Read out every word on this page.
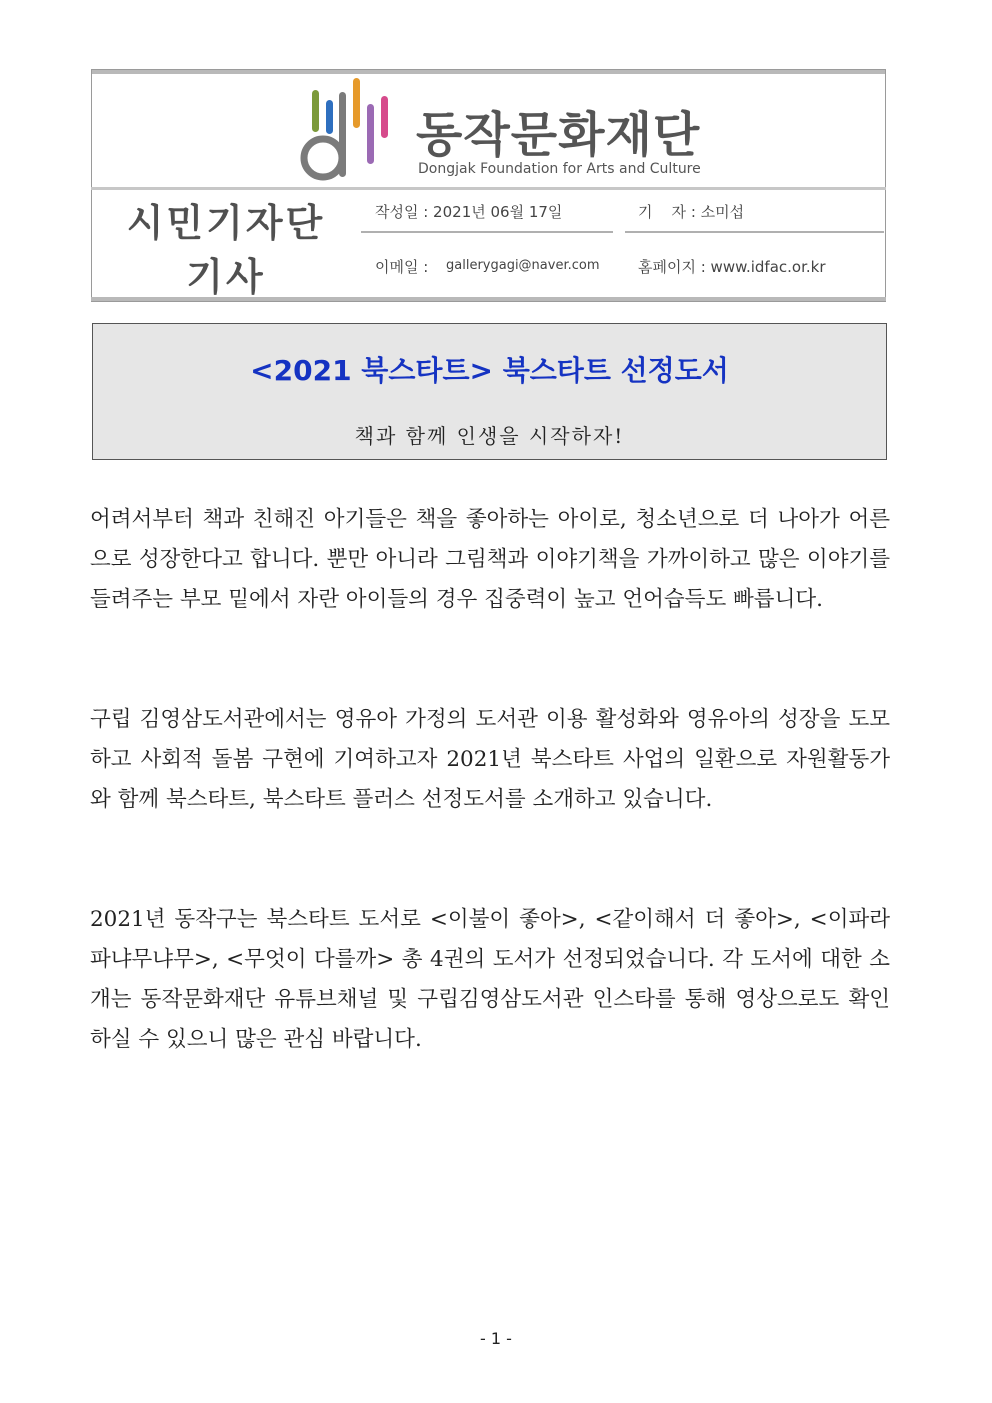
동작문화재단
Dongjak Foundation for Arts and Culture
시민기자단
기사
작성일 : 2021년 06월 17일	기    자 : 소미섭
이메일 : gallerygagi@naver.com	홈페이지 : www.idfac.or.kr
<2021 북스타트> 북스타트 선정도서
책과 함께 인생을 시작하자!
어려서부터 책과 친해진 아기들은 책을 좋아하는 아이로, 청소년으로 더 나아가 어른으로 성장한다고 합니다. 뿐만 아니라 그림책과 이야기책을 가까이하고 많은 이야기를 들려주는 부모 밑에서 자란 아이들의 경우 집중력이 높고 언어습득도 빠릅니다.
구립 김영삼도서관에서는 영유아 가정의 도서관 이용 활성화와 영유아의 성장을 도모하고 사회적 돌봄 구현에 기여하고자 2021년 북스타트 사업의 일환으로 자원활동가와 함께 북스타트, 북스타트 플러스 선정도서를 소개하고 있습니다.
2021년 동작구는 북스타트 도서로 <이불이 좋아>, <같이해서 더 좋아>, <이파라파냐무냐무>, <무엇이 다를까> 총 4권의 도서가 선정되었습니다. 각 도서에 대한 소개는 동작문화재단 유튜브채널 및 구립김영삼도서관 인스타를 통해 영상으로도 확인하실 수 있으니 많은 관심 바랍니다.
- 1 -
